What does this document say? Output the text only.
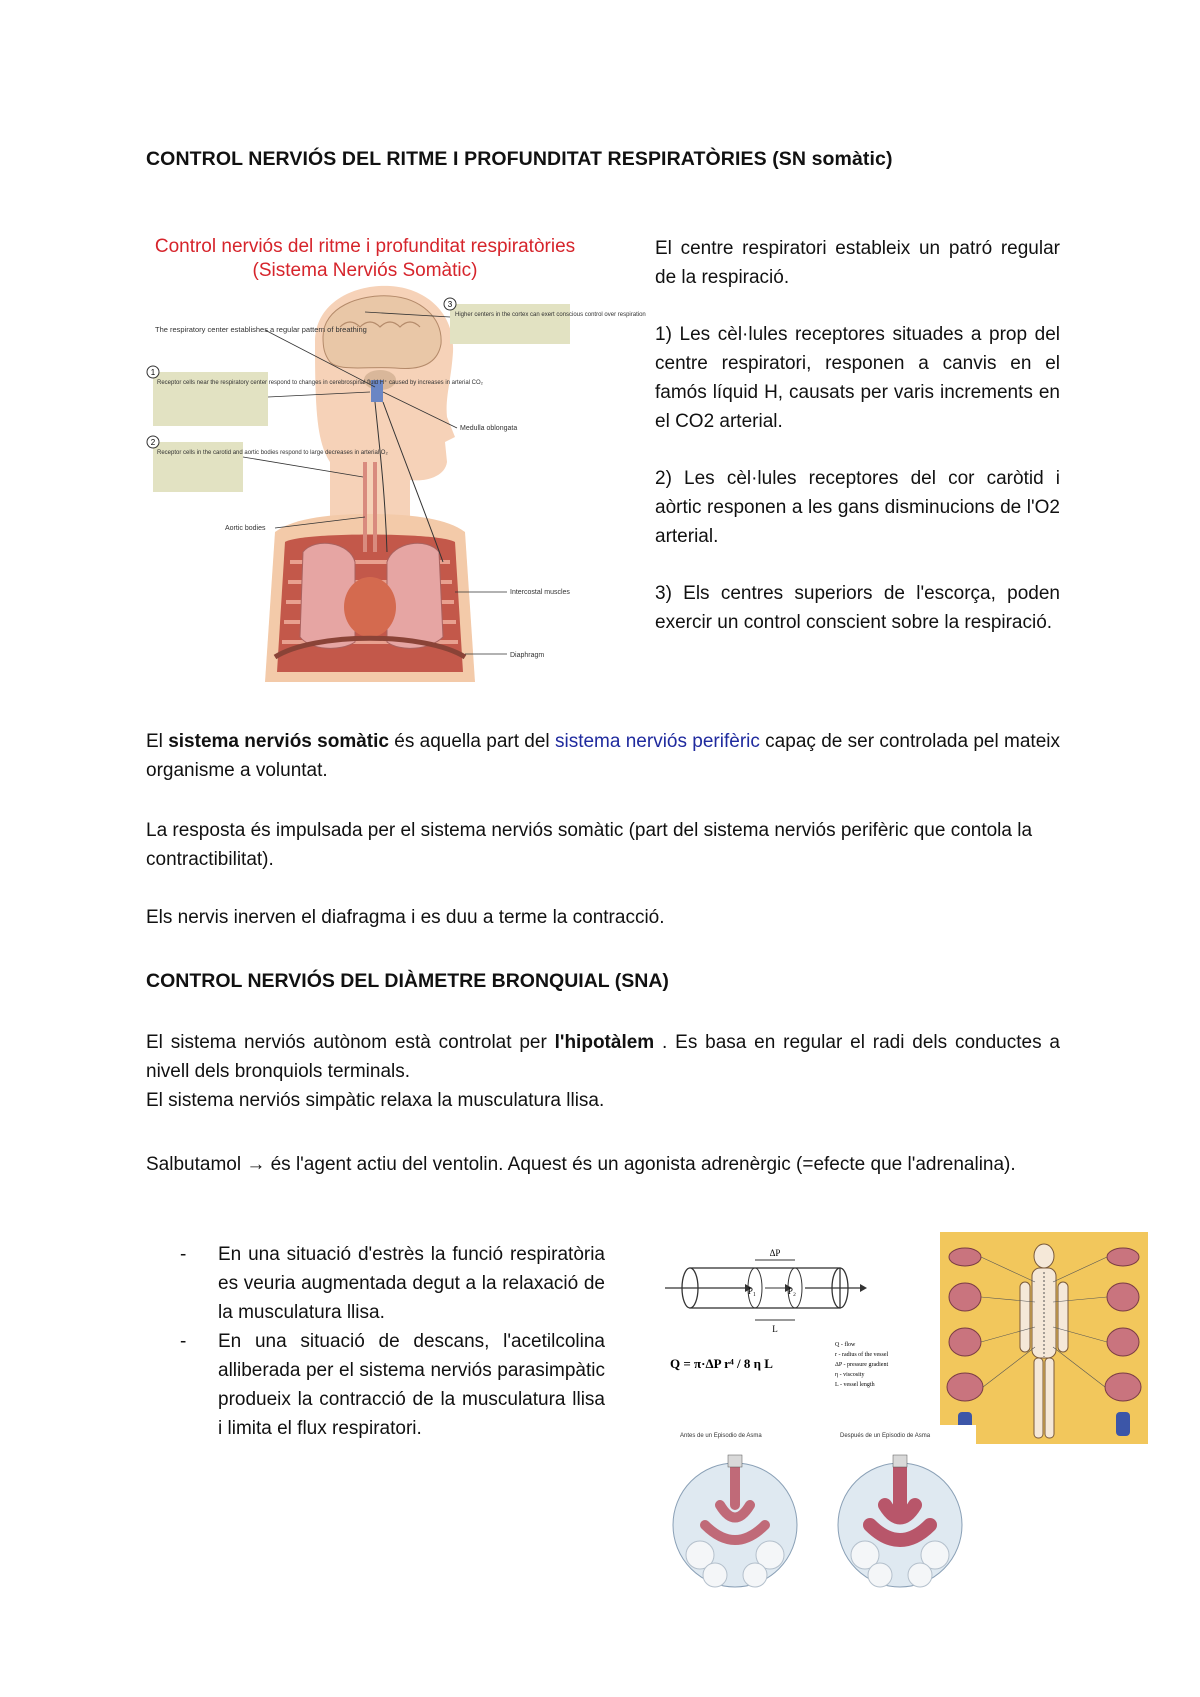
CONTROL NERVIÓS DEL RITME I PROFUNDITAT RESPIRATÒRIES (SN somàtic)
Control nerviós del ritme i profunditat respiratòries
(Sistema Nerviós Somàtic)
The respiratory center establishes a regular pattern of breathing
1
Receptor cells near the respiratory center respond to changes in cerebrospinal fluid H⁺ caused by increases in arterial CO₂
2
Receptor cells in the carotid and aortic bodies respond to large decreases in arterial O₂
3
Higher centers in the cortex can exert conscious control over respiration
Medulla oblongata
Aortic bodies
Intercostal muscles
Diaphragm

El centre respiratori estableix un patró regular de la respiració.

1) Les cèl·lules receptores situades a prop del centre respiratori, responen a canvis en el famós líquid H, causats per varis increments en el CO2 arterial.

2) Les cèl·lules receptores del cor caròtid i aòrtic responen a les gans disminucions de l'O2 arterial.

3) Els centres superiors de l'escorça, poden exercir un control conscient sobre la respiració.

El sistema nerviós somàtic és aquella part del sistema nerviós perifèric capaç de ser controlada pel mateix organisme a voluntat.

La resposta és impulsada per el sistema nerviós somàtic (part del sistema nerviós perifèric que contola la contractibilitat).

Els nervis inerven el diafragma i es duu a terme la contracció.

CONTROL NERVIÓS DEL DIÀMETRE BRONQUIAL (SNA)

El sistema nerviós autònom està controlat per l'hipotàlem . Es basa en regular el radi dels conductes a nivell dels bronquiols terminals.

El sistema nerviós simpàtic relaxa la musculatura llisa.

Salbutamol → és l'agent actiu del ventolin. Aquest és un agonista adrenèrgic (=efecte que l'adrenalina).

- En una situació d'estrès la funció respiratòria es veuria augmentada degut a la relaxació de la musculatura llisa.
- En una situació de descans, l'acetilcolina alliberada per el sistema nerviós parasimpàtic produeix la contracció de la musculatura llisa i limita el flux respiratori.
P₁	P₂
ΔP
L
Q = π·ΔP r⁴ / 8 η L
Q - flow
r - radius of the vessel
ΔP - pressure gradient
η - viscosity
L - vessel length
Antes de un Episodio de Asma	Después de un Episodio de Asma
